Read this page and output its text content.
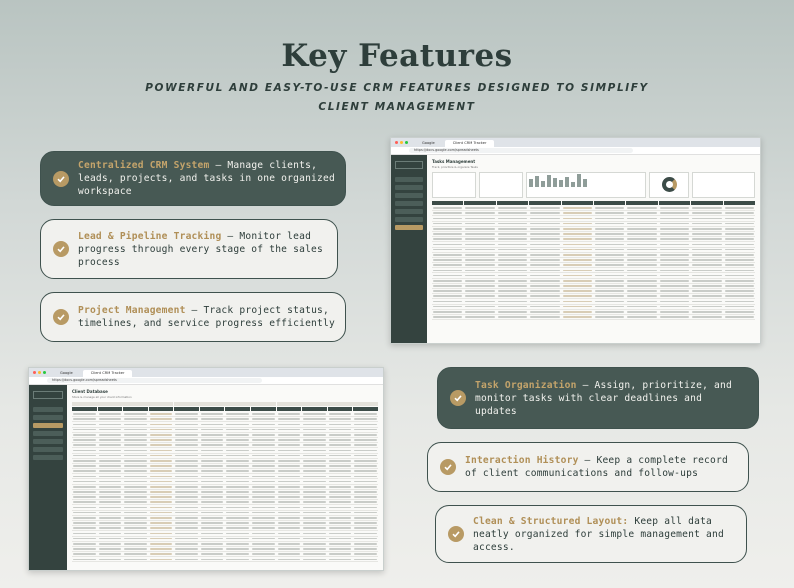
Key Features
POWERFUL AND EASY-TO-USE CRM FEATURES DESIGNED TO SIMPLIFY CLIENT MANAGEMENT
Centralized CRM System – Manage clients, leads, projects, and tasks in one organized workspace
Lead & Pipeline Tracking – Monitor lead progress through every stage of the sales process
Project Management – Track project status, timelines, and service progress efficiently
Task Organization – Assign, prioritize, and monitor tasks with clear deadlines and updates
Interaction History – Keep a complete record of client communications and follow-ups
Clean & Structured Layout: Keep all data neatly organized for simple management and access.
Google	Client CRM Tracker
https://docs.google.com/spreadsheets
Tasks Management
Track, prioritize & organize Tasks
Google	Client CRM Tracker
https://docs.google.com/spreadsheets
Client Database
Store & manage all your client information
